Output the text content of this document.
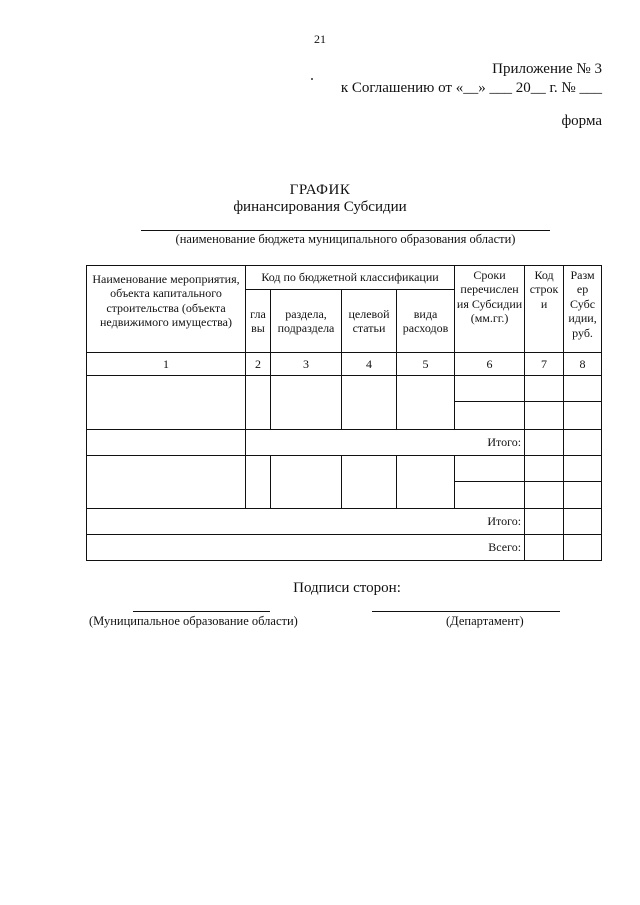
21
Приложение № 3
к Соглашению от «__» ___ 20__ г. № ___
форма
ГРАФИК
финансирования Субсидии
(наименование бюджета муниципального образования области)
Наименование мероприятия, объекта капитального строительства (объекта недвижимого имущества)	Код по бюджетной классификации				Сроки перечислен ия Субсидии (мм.гг.)	Код строк и	Разм ер Субс идии, руб.
	гла вы	раздела, подраздела	целевой статьи	вида расходов			
1	2	3	4	5	6	7	8

	Итого:						

Итого:							
Всего:							
Подписи сторон:
(Муниципальное образование области)	(Департамент)
